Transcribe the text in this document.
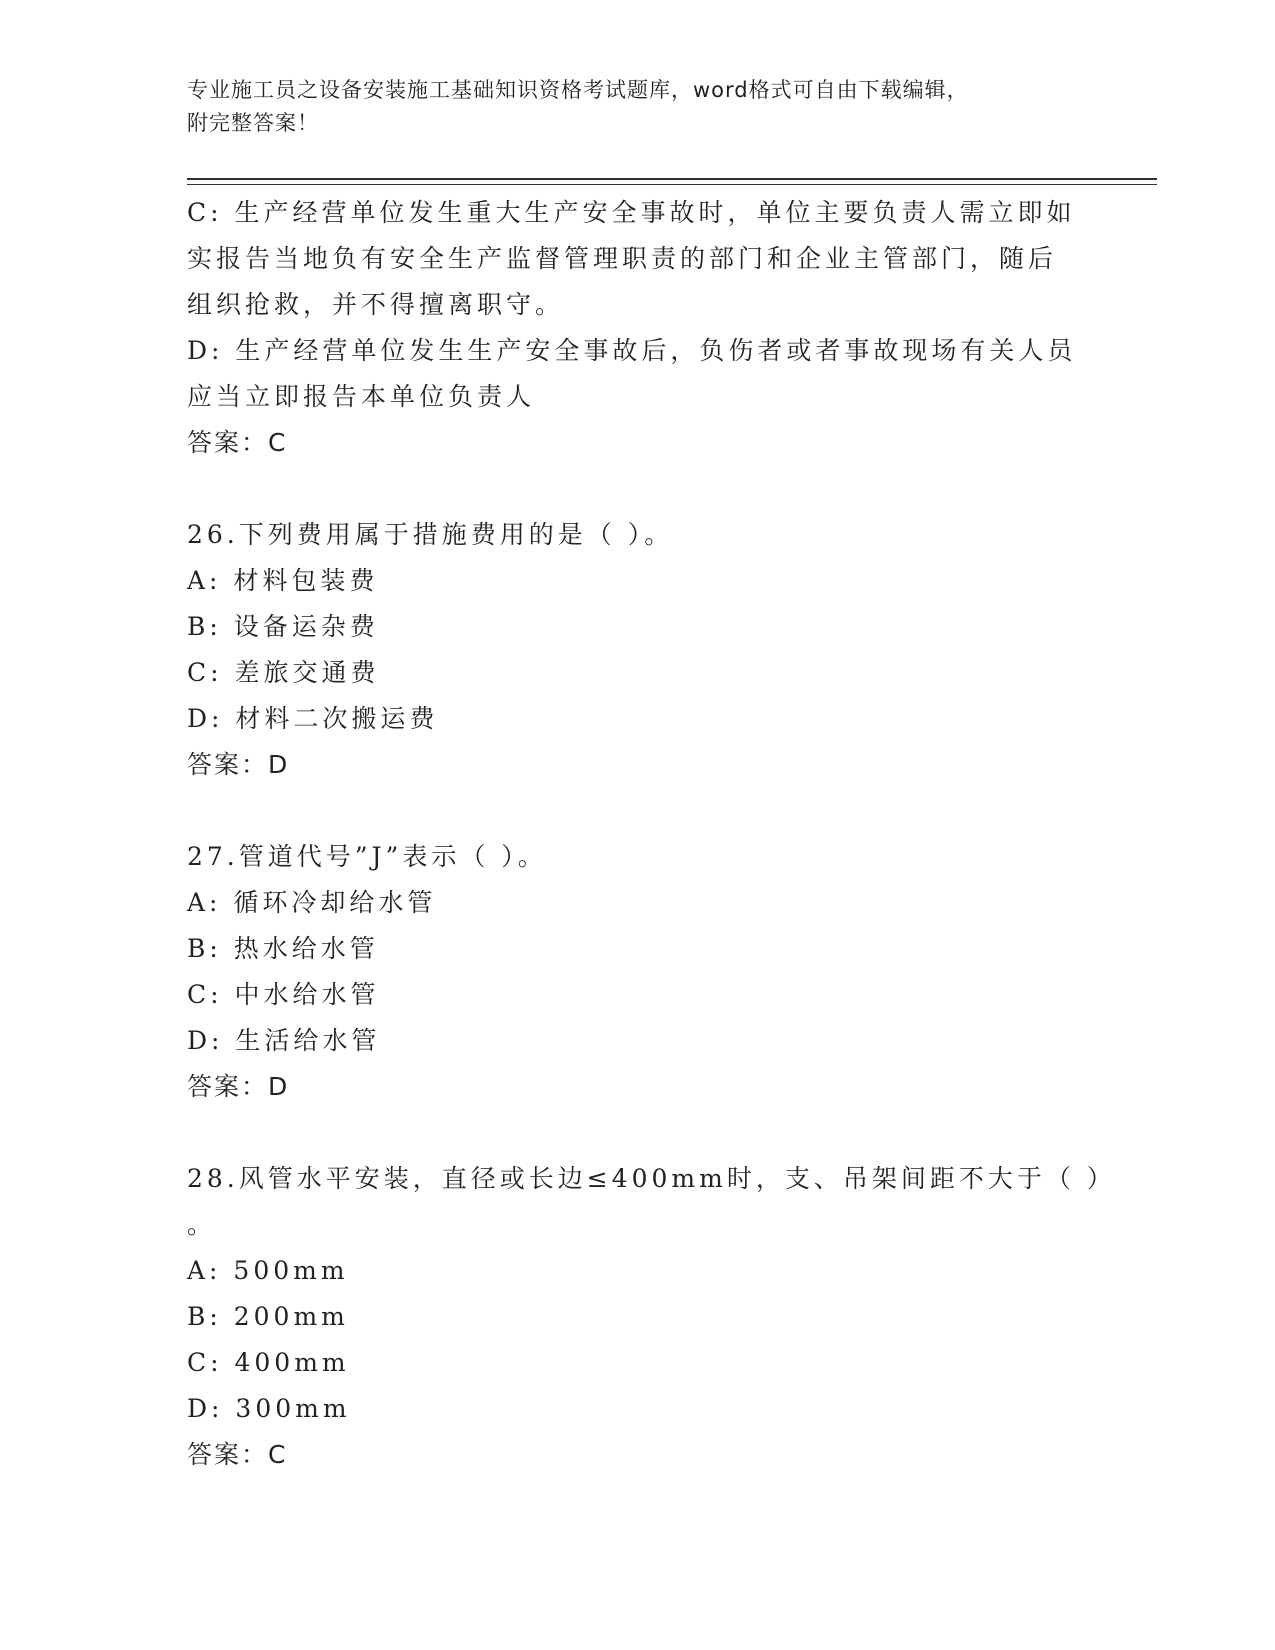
专业施工员之设备安装施工基础知识资格考试题库，word格式可自由下载编辑，
附完整答案！
C: 生产经营单位发生重大生产安全事故时，单位主要负责人需立即如
实报告当地负有安全生产监督管理职责的部门和企业主管部门，随后
组织抢救，并不得擅离职守。
D: 生产经营单位发生生产安全事故后，负伤者或者事故现场有关人员
应当立即报告本单位负责人
答案：C
26.下列费用属于措施费用的是（ ）。
A: 材料包装费
B: 设备运杂费
C: 差旅交通费
D: 材料二次搬运费
答案：D
27.管道代号”J”表示（ ）。
A: 循环冷却给水管
B: 热水给水管
C: 中水给水管
D: 生活给水管
答案：D
28.风管水平安装，直径或长边≤400mm时，支、吊架间距不大于（ ）
。
A: 500mm
B: 200mm
C: 400mm
D: 300mm
答案：C
